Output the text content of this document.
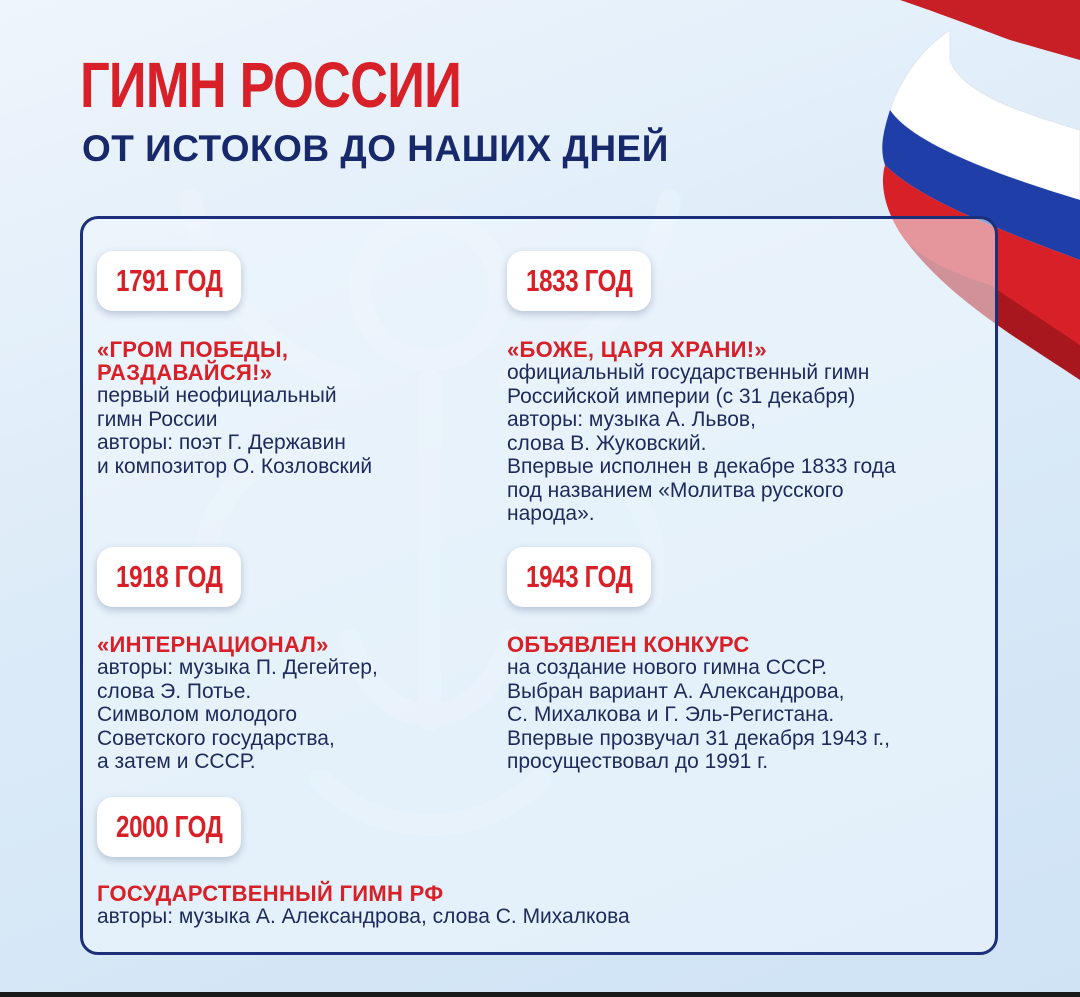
ГИМН РОССИИ
ОТ ИСТОКОВ ДО НАШИХ ДНЕЙ
1791 ГОД

«ГРОМ ПОБЕДЫ, РАЗДАВАЙСЯ!»

первый неофициальный
гимн России
авторы: поэт Г. Державин
и композитор О. Козловский

1833 ГОД

«БОЖЕ, ЦАРЯ ХРАНИ!»

официальный государственный гимн
Российской империи (с 31 декабря)
авторы: музыка А. Львов,
слова В. Жуковский.
Впервые исполнен в декабре 1833 года
под названием «Молитва русского
народа».

1918 ГОД

«ИНТЕРНАЦИОНАЛ»

авторы: музыка П. Дегейтер,
слова Э. Потье.
Символом молодого
Советского государства,
а затем и СССР.

1943 ГОД

ОБЪЯВЛЕН КОНКУРС

на создание нового гимна СССР.
Выбран вариант А. Александрова,
С. Михалкова и Г. Эль-Регистана.
Впервые прозвучал 31 декабря 1943 г.,
просуществовал до 1991 г.

2000 ГОД

ГОСУДАРСТВЕННЫЙ ГИМН РФ

авторы: музыка А. Александрова, слова С. Михалкова
